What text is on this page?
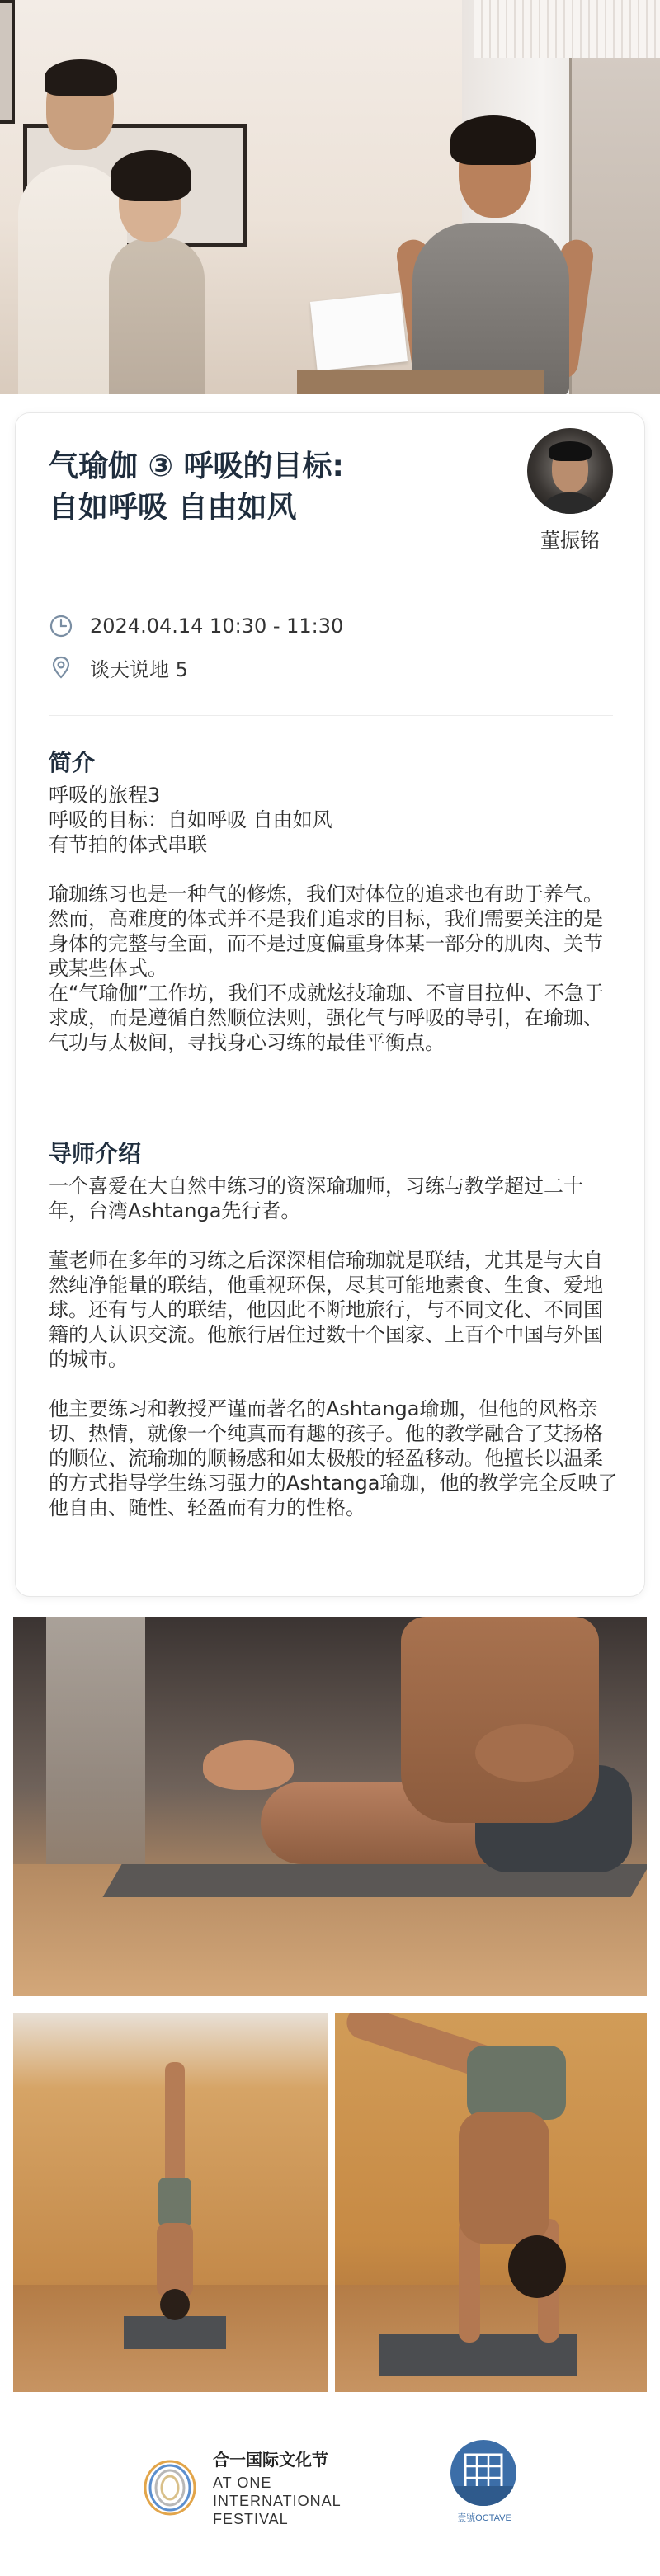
气瑜伽 ③ 呼吸的目标:
自如呼吸 自由如风
董振铭
2024.04.14 10:30 - 11:30
谈天说地 5
简介

呼吸的旅程3

呼吸的目标：自如呼吸 自由如风

有节拍的体式串联

瑜珈练习也是一种气的修炼，我们对体位的追求也有助于养气。然而，高难度的体式并不是我们追求的目标，我们需要关注的是身体的完整与全面，而不是过度偏重身体某一部分的肌肉、关节或某些体式。

在“气瑜伽”工作坊，我们不成就炫技瑜珈、不盲目拉伸、不急于求成，而是遵循自然顺位法则，强化气与呼吸的导引，在瑜珈、气功与太极间，寻找身心习练的最佳平衡点。

导师介绍

一个喜爱在大自然中练习的资深瑜珈师，习练与教学超过二十年，台湾Ashtanga先行者。

董老师在多年的习练之后深深相信瑜珈就是联结，尤其是与大自然纯净能量的联结，他重视环保，尽其可能地素食、生食、爱地球。还有与人的联结，他因此不断地旅行，与不同文化、不同国籍的人认识交流。他旅行居住过数十个国家、上百个中国与外国的城市。

他主要练习和教授严谨而著名的Ashtanga瑜珈，但他的风格亲切、热情，就像一个纯真而有趣的孩子。他的教学融合了艾扬格的顺位、流瑜珈的顺畅感和如太极般的轻盈移动。他擅长以温柔的方式指导学生练习强力的Ashtanga瑜珈，他的教学完全反映了他自由、随性、轻盈而有力的性格。

合一国际文化节
AT ONE
INTERNATIONAL
FESTIVAL	壹號OCTAVE
